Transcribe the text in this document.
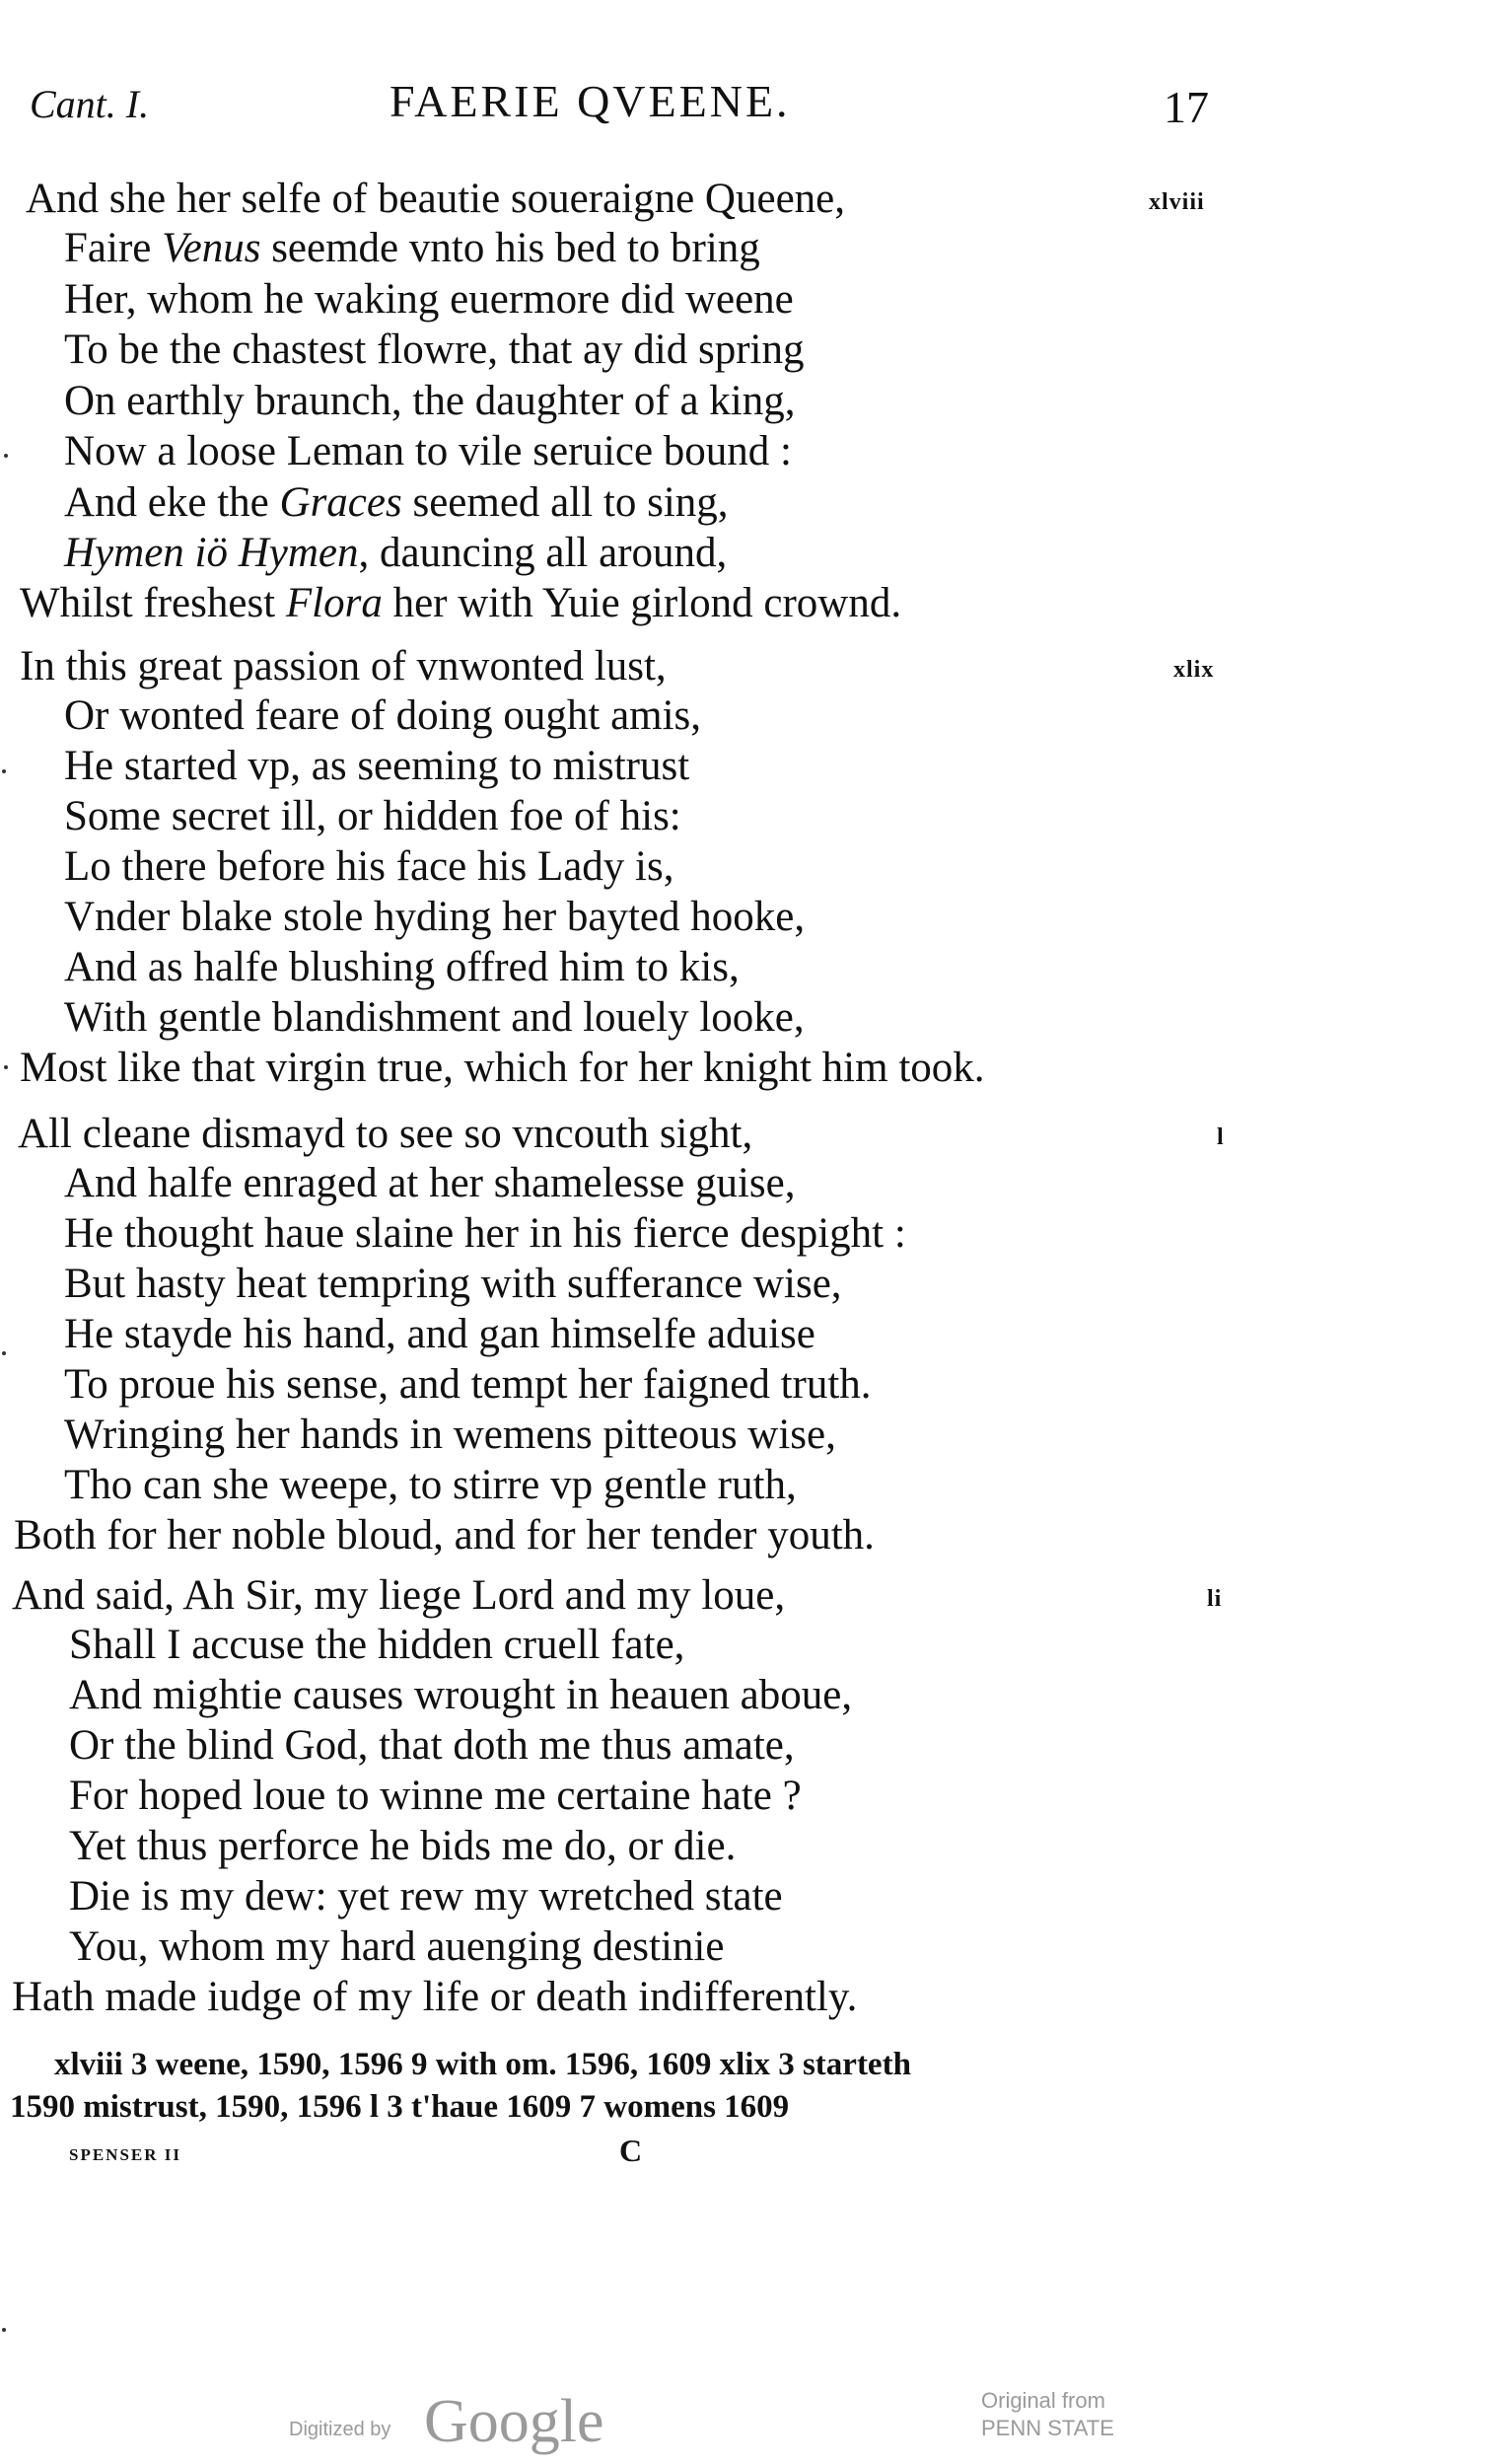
Cant. I.	FAERIE QVEENE.	17
xlviii
And she her selfe of beautie soueraigne Queene,
Faire Venus seemde vnto his bed to bring
Her, whom he waking euermore did weene
To be the chastest flowre, that ay did spring
On earthly braunch, the daughter of a king,
Now a loose Leman to vile seruice bound :
And eke the Graces seemed all to sing,
Hymen iö Hymen, dauncing all around,
Whilst freshest Flora her with Yuie girlond crownd.
xlix
In this great passion of vnwonted lust,
Or wonted feare of doing ought amis,
He started vp, as seeming to mistrust
Some secret ill, or hidden foe of his:
Lo there before his face his Lady is,
Vnder blake stole hyding her bayted hooke,
And as halfe blushing offred him to kis,
With gentle blandishment and louely looke,
Most like that virgin true, which for her knight him took.
l
All cleane dismayd to see so vncouth sight,
And halfe enraged at her shamelesse guise,
He thought haue slaine her in his fierce despight :
But hasty heat tempring with sufferance wise,
He stayde his hand, and gan himselfe aduise
To proue his sense, and tempt her faigned truth.
Wringing her hands in wemens pitteous wise,
Tho can she weepe, to stirre vp gentle ruth,
Both for her noble bloud, and for her tender youth.
li
And said, Ah Sir, my liege Lord and my loue,
Shall I accuse the hidden cruell fate,
And mightie causes wrought in heauen aboue,
Or the blind God, that doth me thus amate,
For hoped loue to winne me certaine hate ?
Yet thus perforce he bids me do, or die.
Die is my dew: yet rew my wretched state
You, whom my hard auenging destinie
Hath made iudge of my life or death indifferently.
xlviii 3 weene, 1590, 1596 9 with om. 1596, 1609 xlix 3 starteth
1590 mistrust, 1590, 1596 l 3 t'haue 1609 7 womens 1609
SPENSER II	C
Digitized by Google	Original from
PENN STATE
